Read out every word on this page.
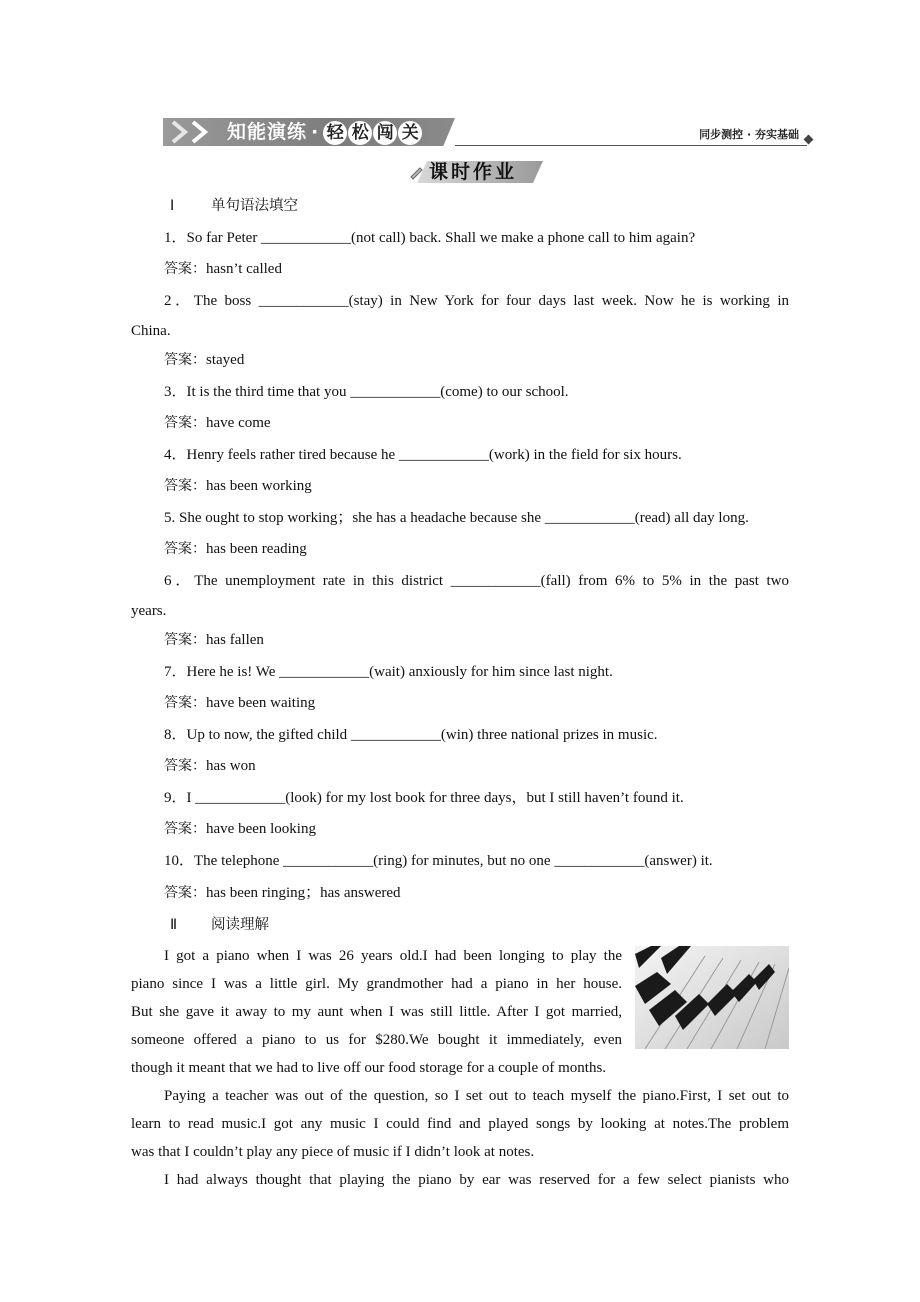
知能演练 · 轻 松 闯 关	同步测控 · 夯实基础
课时作业
Ⅰ	单句语法填空
1．So far Peter ____________(not call) back. Shall we make a phone call to him again?
答案：hasn’t called
2．The boss ____________(stay) in New York for four days last week. Now he is working in
China.
答案：stayed
3．It is the third time that you ____________(come) to our school.
答案：have come
4．Henry feels rather tired because he ____________(work) in the field for six hours.
答案：has been working
5. She ought to stop working；she has a headache because she ____________(read) all day long.
答案：has been reading
6．The unemployment rate in this district ____________(fall) from 6% to 5% in the past two
years.
答案：has fallen
7．Here he is! We ____________(wait) anxiously for him since last night.
答案：have been waiting
8．Up to now, the gifted child ____________(win) three national prizes in music.
答案：has won
9．I ____________(look) for my lost book for three days，but I still haven’t found it.
答案：have been looking
10．The telephone ____________(ring) for minutes, but no one ____________(answer) it.
答案：has been ringing；has answered
Ⅱ 阅读理解
I got a piano when I was 26 years old.I had been longing to play the
piano since I was a little girl. My grandmother had a piano in her house.
But she gave it away to my aunt when I was still little. After I got married,
someone offered a piano to us for $280.We bought it immediately, even
though it meant that we had to live off our food storage for a couple of months.
Paying a teacher was out of the question, so I set out to teach myself the piano.First, I set out to
learn to read music.I got any music I could find and played songs by looking at notes.The problem
was that I couldn’t play any piece of music if I didn’t look at notes.
I had always thought that playing the piano by ear was reserved for a few select pianists who
